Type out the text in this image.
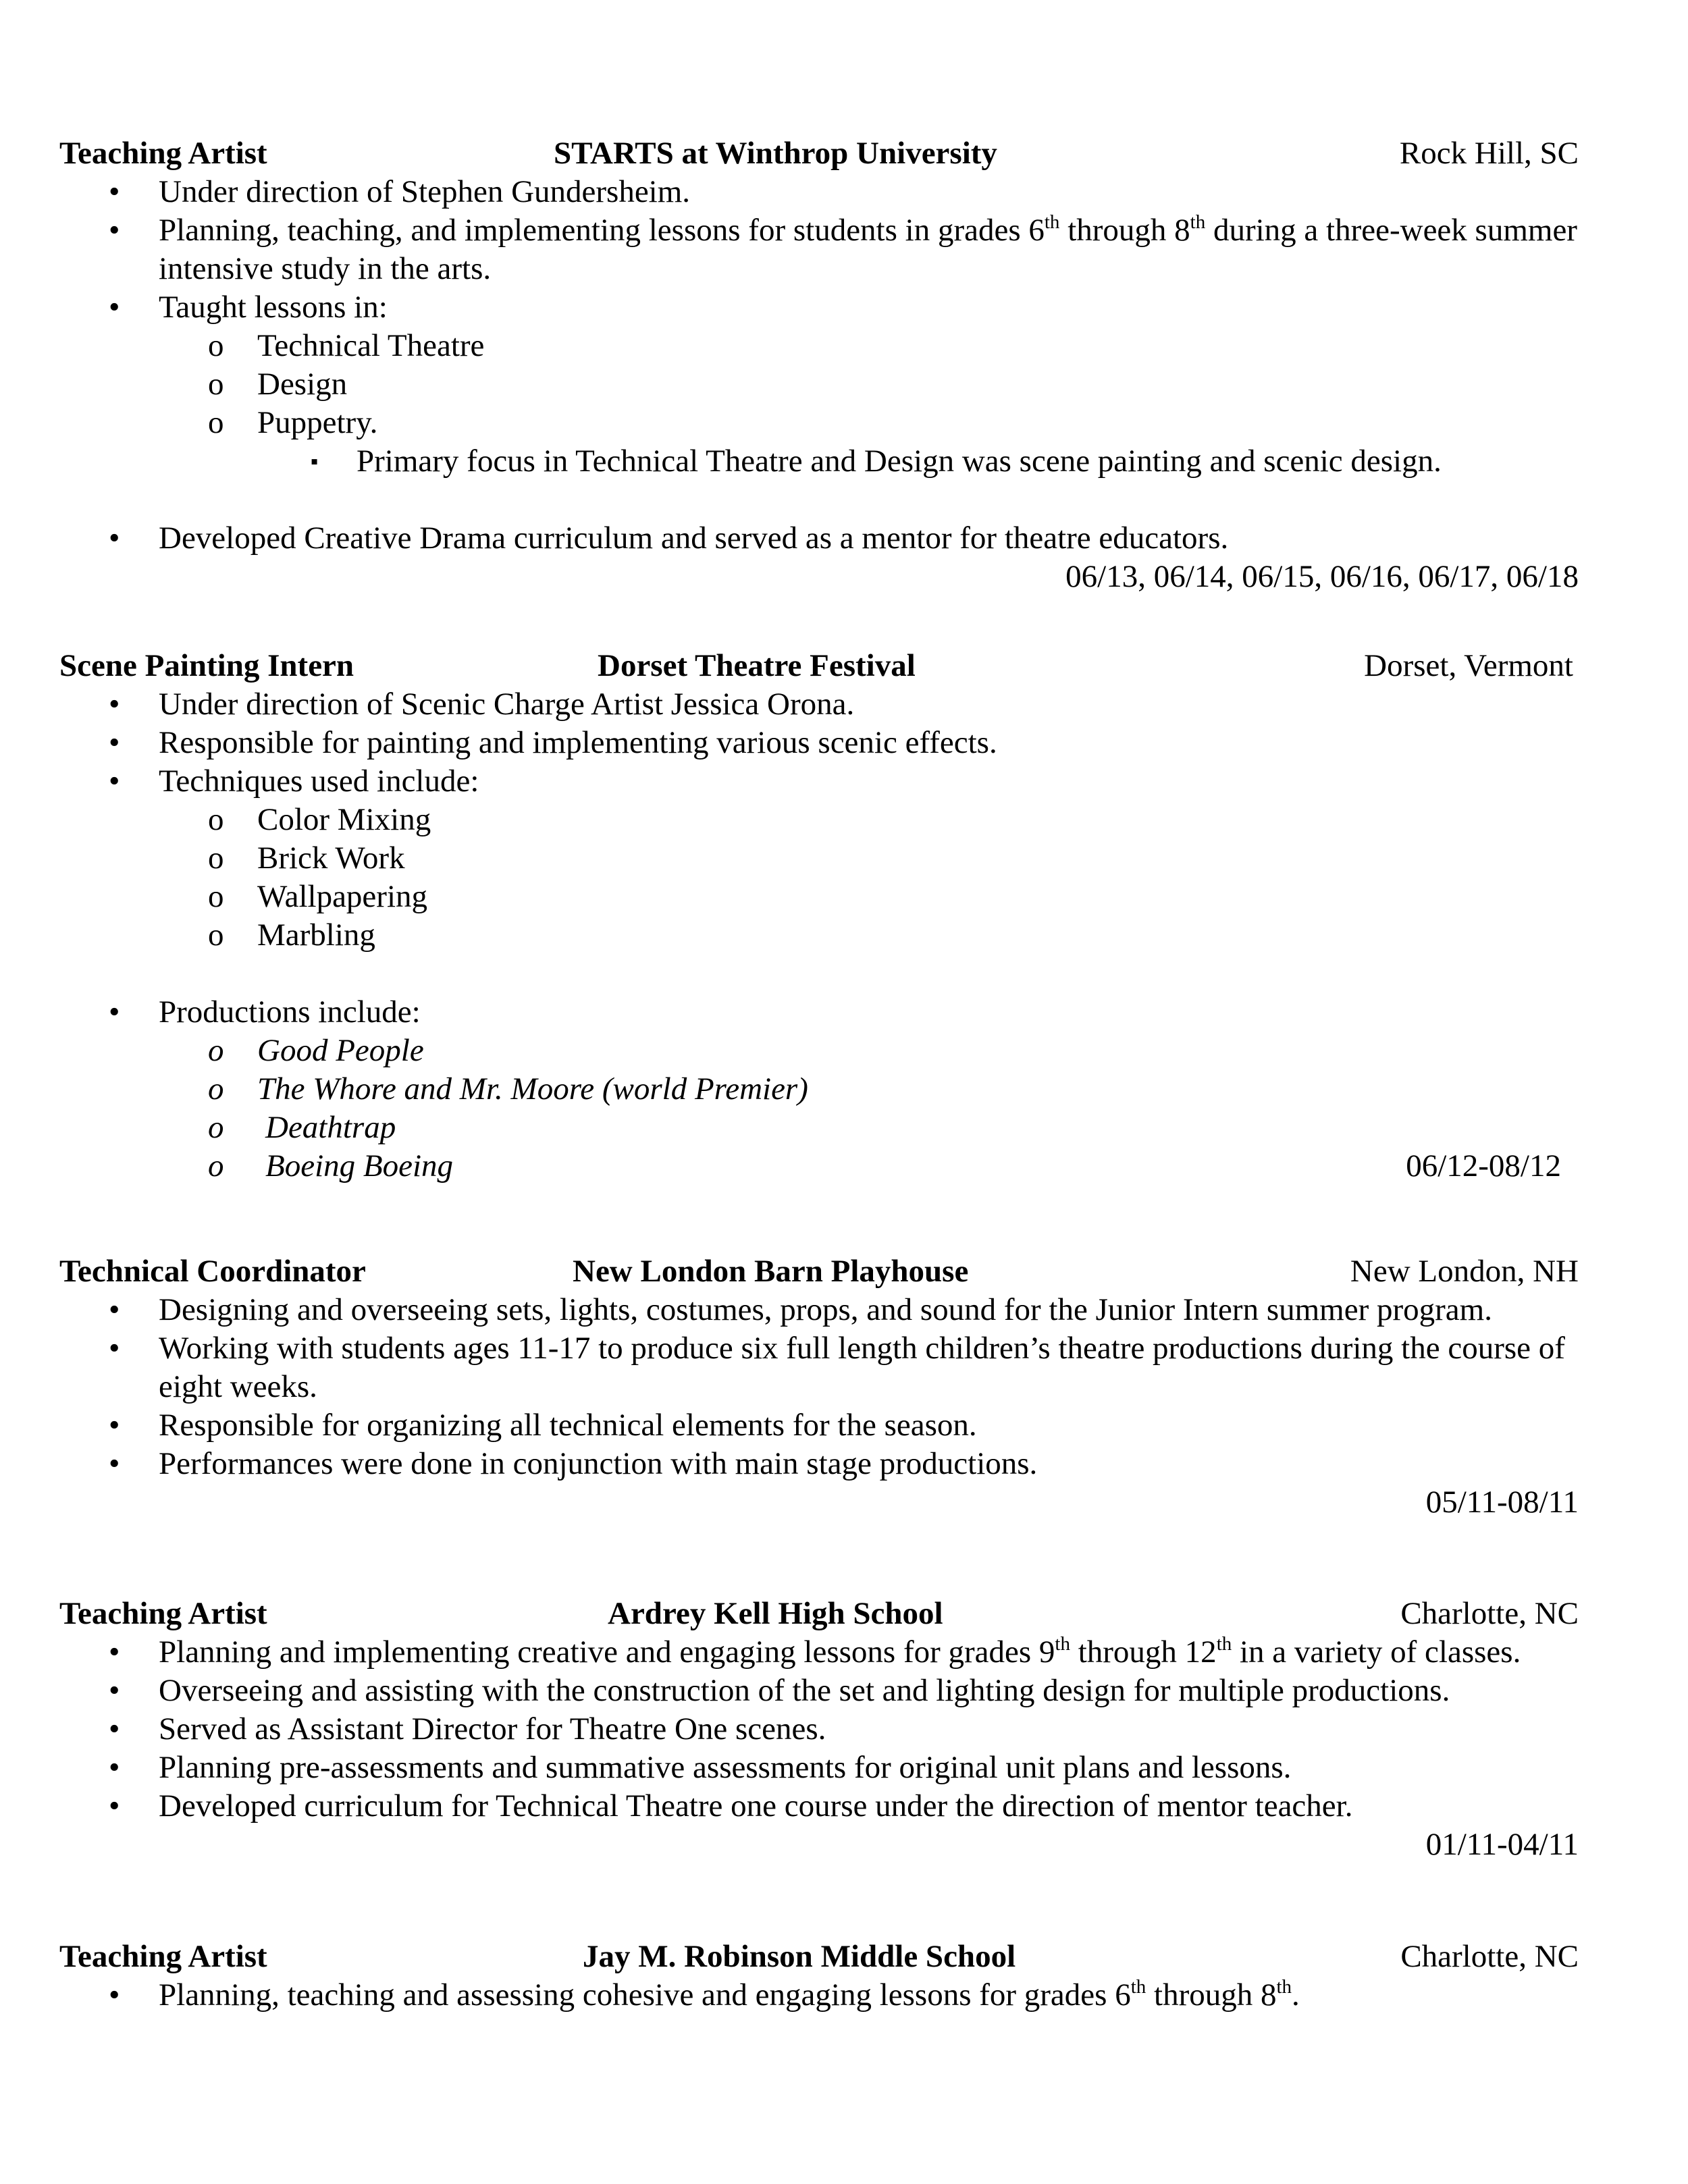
Teaching Artist	STARTS at Winthrop University	Rock Hill, SC
• Under direction of Stephen Gundersheim.
• Planning, teaching, and implementing lessons for students in grades 6th through 8th during a three-week summer intensive study in the arts.
• Taught lessons in:
o Technical Theatre
o Design
o Puppetry.
▪ Primary focus in Technical Theatre and Design was scene painting and scenic design.
• Developed Creative Drama curriculum and served as a mentor for theatre educators.
06/13, 06/14, 06/15, 06/16, 06/17, 06/18
Scene Painting Intern	Dorset Theatre Festival	Dorset, Vermont
• Under direction of Scenic Charge Artist Jessica Orona.
• Responsible for painting and implementing various scenic effects.
• Techniques used include:
o Color Mixing
o Brick Work
o Wallpapering
o Marbling
• Productions include:
o Good People
o The Whore and Mr. Moore (world Premier)
o Deathtrap
o Boeing Boeing	06/12-08/12
Technical Coordinator	New London Barn Playhouse	New London, NH
• Designing and overseeing sets, lights, costumes, props, and sound for the Junior Intern summer program.
• Working with students ages 11-17 to produce six full length children’s theatre productions during the course of eight weeks.
• Responsible for organizing all technical elements for the season.
• Performances were done in conjunction with main stage productions.
05/11-08/11
Teaching Artist	Ardrey Kell High School	Charlotte, NC
• Planning and implementing creative and engaging lessons for grades 9th through 12th in a variety of classes.
• Overseeing and assisting with the construction of the set and lighting design for multiple productions.
• Served as Assistant Director for Theatre One scenes.
• Planning pre-assessments and summative assessments for original unit plans and lessons.
• Developed curriculum for Technical Theatre one course under the direction of mentor teacher.
01/11-04/11
Teaching Artist	Jay M. Robinson Middle School	Charlotte, NC
• Planning, teaching and assessing cohesive and engaging lessons for grades 6th through 8th.
